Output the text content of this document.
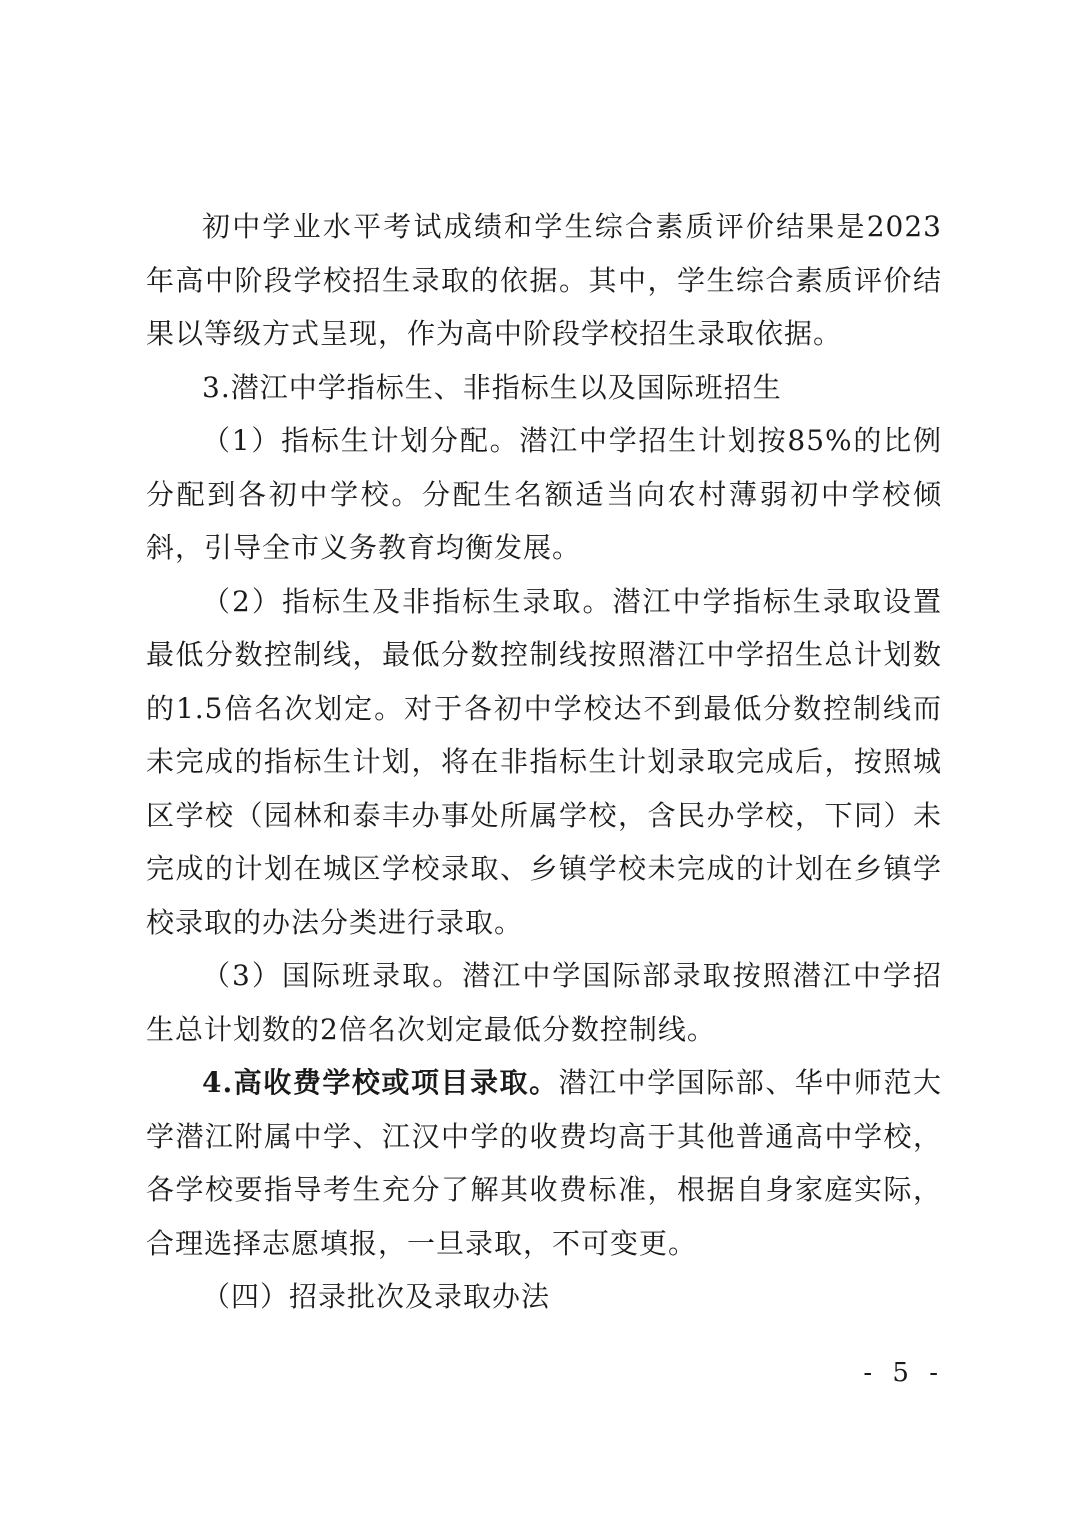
初中学业水平考试成绩和学生综合素质评价结果是2023年高中阶段学校招生录取的依据。其中，学生综合素质评价结果以等级方式呈现，作为高中阶段学校招生录取依据。

3.潜江中学指标生、非指标生以及国际班招生

（1）指标生计划分配。潜江中学招生计划按85%的比例分配到各初中学校。分配生名额适当向农村薄弱初中学校倾斜，引导全市义务教育均衡发展。

（2）指标生及非指标生录取。潜江中学指标生录取设置最低分数控制线，最低分数控制线按照潜江中学招生总计划数的1.5倍名次划定。对于各初中学校达不到最低分数控制线而未完成的指标生计划，将在非指标生计划录取完成后，按照城区学校（园林和泰丰办事处所属学校，含民办学校，下同）未完成的计划在城区学校录取、乡镇学校未完成的计划在乡镇学校录取的办法分类进行录取。

（3）国际班录取。潜江中学国际部录取按照潜江中学招生总计划数的2倍名次划定最低分数控制线。

4.高收费学校或项目录取。潜江中学国际部、华中师范大学潜江附属中学、江汉中学的收费均高于其他普通高中学校，各学校要指导考生充分了解其收费标准，根据自身家庭实际，合理选择志愿填报，一旦录取，不可变更。

（四）招录批次及录取办法

- 5 -
